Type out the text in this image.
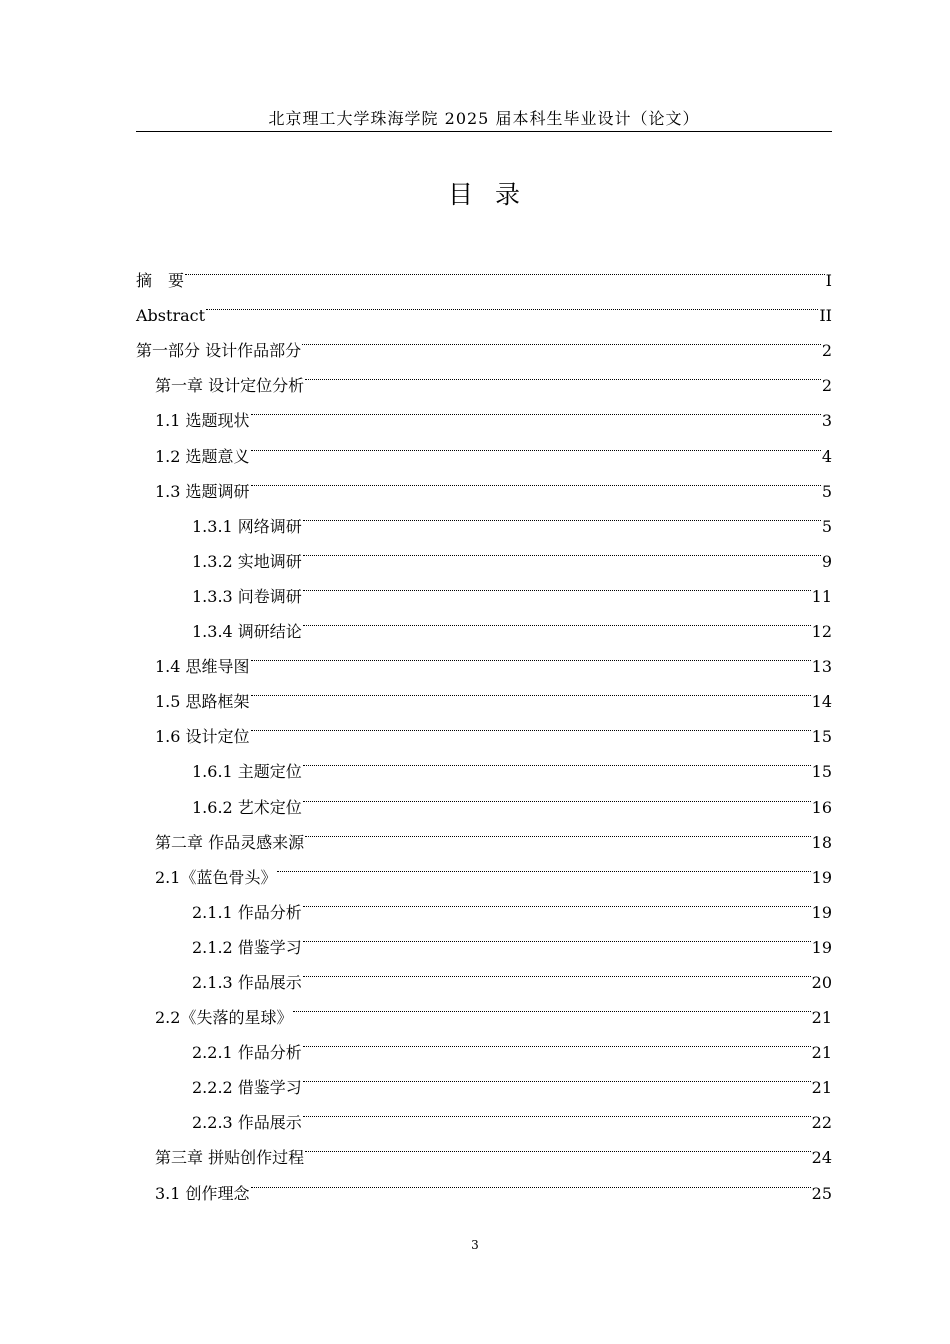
北京理工大学珠海学院 2025 届本科生毕业设计（论文）
目录
摘　要	I
Abstract	II
第一部分 设计作品部分	2
第一章 设计定位分析	2
1.1 选题现状	3
1.2 选题意义	4
1.3 选题调研	5
1.3.1 网络调研	5
1.3.2 实地调研	9
1.3.3 问卷调研	11
1.3.4 调研结论	12
1.4 思维导图	13
1.5 思路框架	14
1.6 设计定位	15
1.6.1 主题定位	15
1.6.2 艺术定位	16
第二章 作品灵感来源	18
2.1《蓝色骨头》	19
2.1.1 作品分析	19
2.1.2 借鉴学习	19
2.1.3 作品展示	20
2.2《失落的星球》	21
2.2.1 作品分析	21
2.2.2 借鉴学习	21
2.2.3 作品展示	22
第三章 拼贴创作过程	24
3.1 创作理念	25
3
